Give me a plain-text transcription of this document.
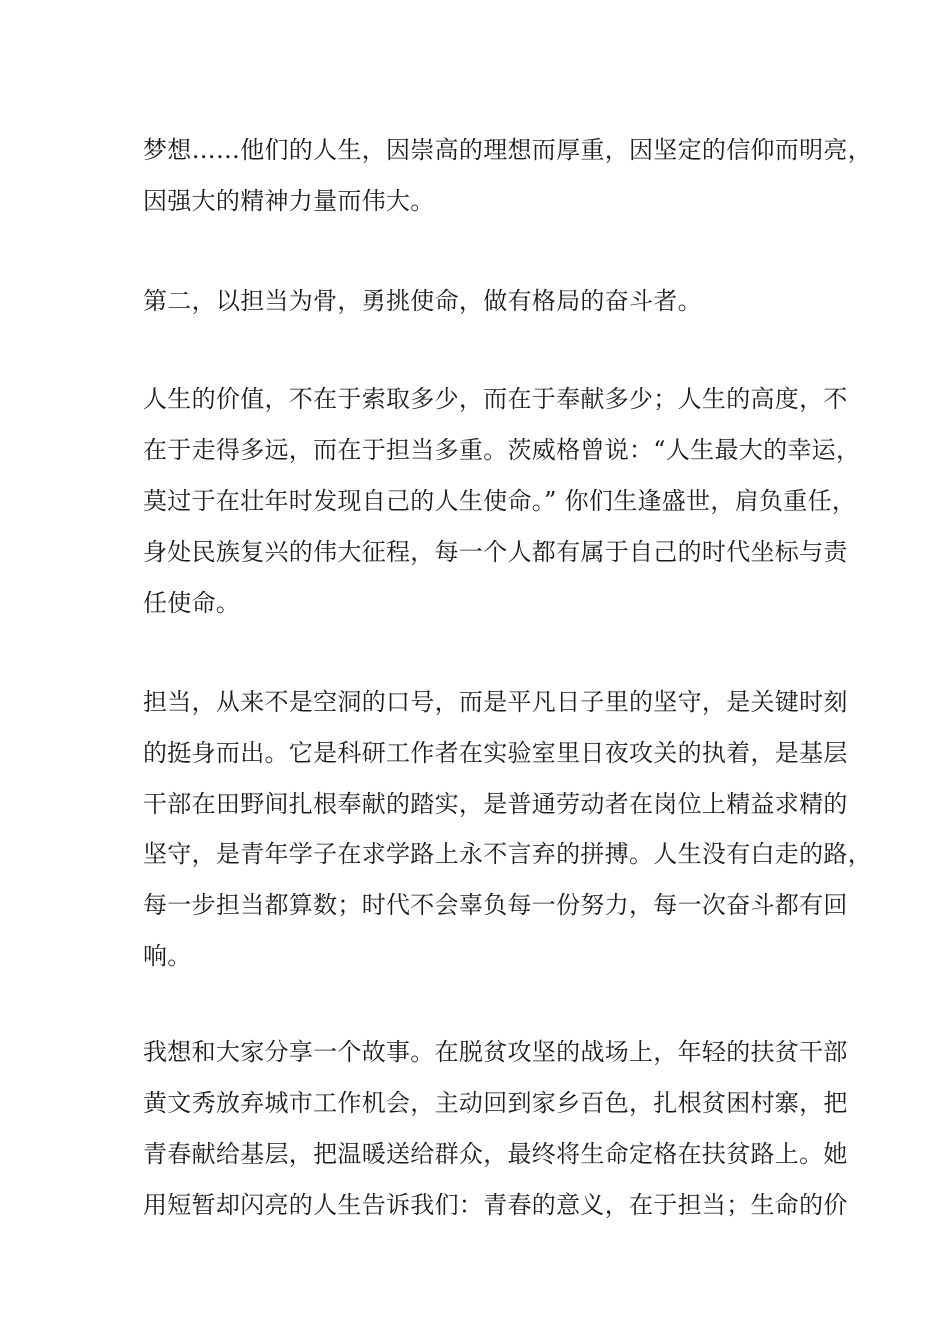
梦想……他们的人生，因崇高的理想而厚重，因坚定的信仰而明亮，
因强大的精神力量而伟大。
第二，以担当为骨，勇挑使命，做有格局的奋斗者。
人生的价值，不在于索取多少，而在于奉献多少；人生的高度，不
在于走得多远，而在于担当多重。茨威格曾说：“人生最大的幸运，
莫过于在壮年时发现自己的人生使命。” 你们生逢盛世，肩负重任，
身处民族复兴的伟大征程，每一个人都有属于自己的时代坐标与责
任使命。
担当，从来不是空洞的口号，而是平凡日子里的坚守，是关键时刻
的挺身而出。它是科研工作者在实验室里日夜攻关的执着，是基层
干部在田野间扎根奉献的踏实，是普通劳动者在岗位上精益求精的
坚守，是青年学子在求学路上永不言弃的拼搏。人生没有白走的路，
每一步担当都算数；时代不会辜负每一份努力，每一次奋斗都有回
响。
我想和大家分享一个故事。在脱贫攻坚的战场上，年轻的扶贫干部
黄文秀放弃城市工作机会，主动回到家乡百色，扎根贫困村寨，把
青春献给基层，把温暖送给群众，最终将生命定格在扶贫路上。她
用短暂却闪亮的人生告诉我们：青春的意义，在于担当；生命的价
